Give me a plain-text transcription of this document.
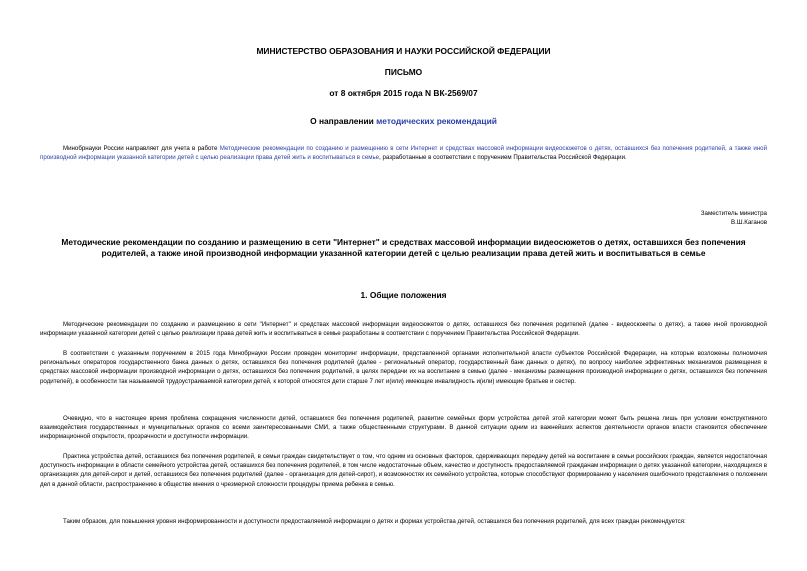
МИНИСТЕРСТВО ОБРАЗОВАНИЯ И НАУКИ РОССИЙСКОЙ ФЕДЕРАЦИИ
ПИСЬМО
от 8 октября 2015 года N ВК-2569/07
О направлении методических рекомендаций

Минобрнауки России направляет для учета в работе Методические рекомендации по созданию и размещению в сети Интернет и средствах массовой информации видеосюжетов о детях, оставшихся без попечения родителей, а также иной производной информации указанной категории детей с целью реализации права детей жить и воспитываться в семье, разработанные в соответствии с поручением Правительства Российской Федерации.

Заместитель министра
В.Ш.Каганов
Методические рекомендации по созданию и размещению в сети "Интернет" и средствах массовой информации видеосюжетов о детях, оставшихся без попечения родителей, а также иной производной информации указанной категории детей с целью реализации права детей жить и воспитываться в семье
1. Общие положения

Методические рекомендации по созданию и размещению в сети "Интернет" и средствах массовой информации видеосюжетов о детях, оставшихся без попечения родителей (далее - видеосюжеты о детях), а также иной производной информации указанной категории детей с целью реализации права детей жить и воспитываться в семье разработаны в соответствии с поручением Правительства Российской Федерации.

В соответствии с указанным поручением в 2015 года Минобрнауки России проведен мониторинг информации, представленной органами исполнительной власти субъектов Российской Федерации, на которые возложены полномочия региональных операторов государственного банка данных о детях, оставшихся без попечения родителей (далее - региональный оператор, государственный банк данных о детях), по вопросу наиболее эффективных механизмов размещения в средствах массовой информации производной информации о детях, оставшихся без попечения родителей, в целях передачи их на воспитание в семью (далее - механизмы размещения производной информации о детях, оставшихся без попечения родителей), в особенности так называемой трудоустраиваемой категории детей, к которой относятся дети старше 7 лет и(или) имеющие инвалидность и(или) имеющие братьев и сестер.

Очевидно, что в настоящее время проблема сокращения численности детей, оставшихся без попечения родителей, развитие семейных форм устройства детей этой категории может быть решена лишь при условии конструктивного взаимодействия государственных и муниципальных органов со всеми заинтересованными СМИ, а также общественными структурами. В данной ситуации одним из важнейших аспектов деятельности органов власти становится обеспечение информационной открытости, прозрачности и доступности информации.

Практика устройства детей, оставшихся без попечения родителей, в семьи граждан свидетельствует о том, что одним из основных факторов, сдерживающих передачу детей на воспитание в семьи российских граждан, является недостаточная доступность информации в области семейного устройства детей, оставшихся без попечения родителей, в том числе недостаточные объем, качество и доступность предоставляемой гражданам информации о детях указанной категории, находящихся в организациях для детей-сирот и детей, оставшихся без попечения родителей (далее - организация для детей-сирот), и возможностях их семейного устройства, которые способствуют формированию у населения ошибочного представления о положении дел в данной области, распространению в обществе мнения о чрезмерной сложности процедуры приема ребенка в семью.

Таким образом, для повышения уровня информированности и доступности предоставляемой информации о детях и формах устройства детей, оставшихся без попечения родителей, для всех граждан рекомендуется:
